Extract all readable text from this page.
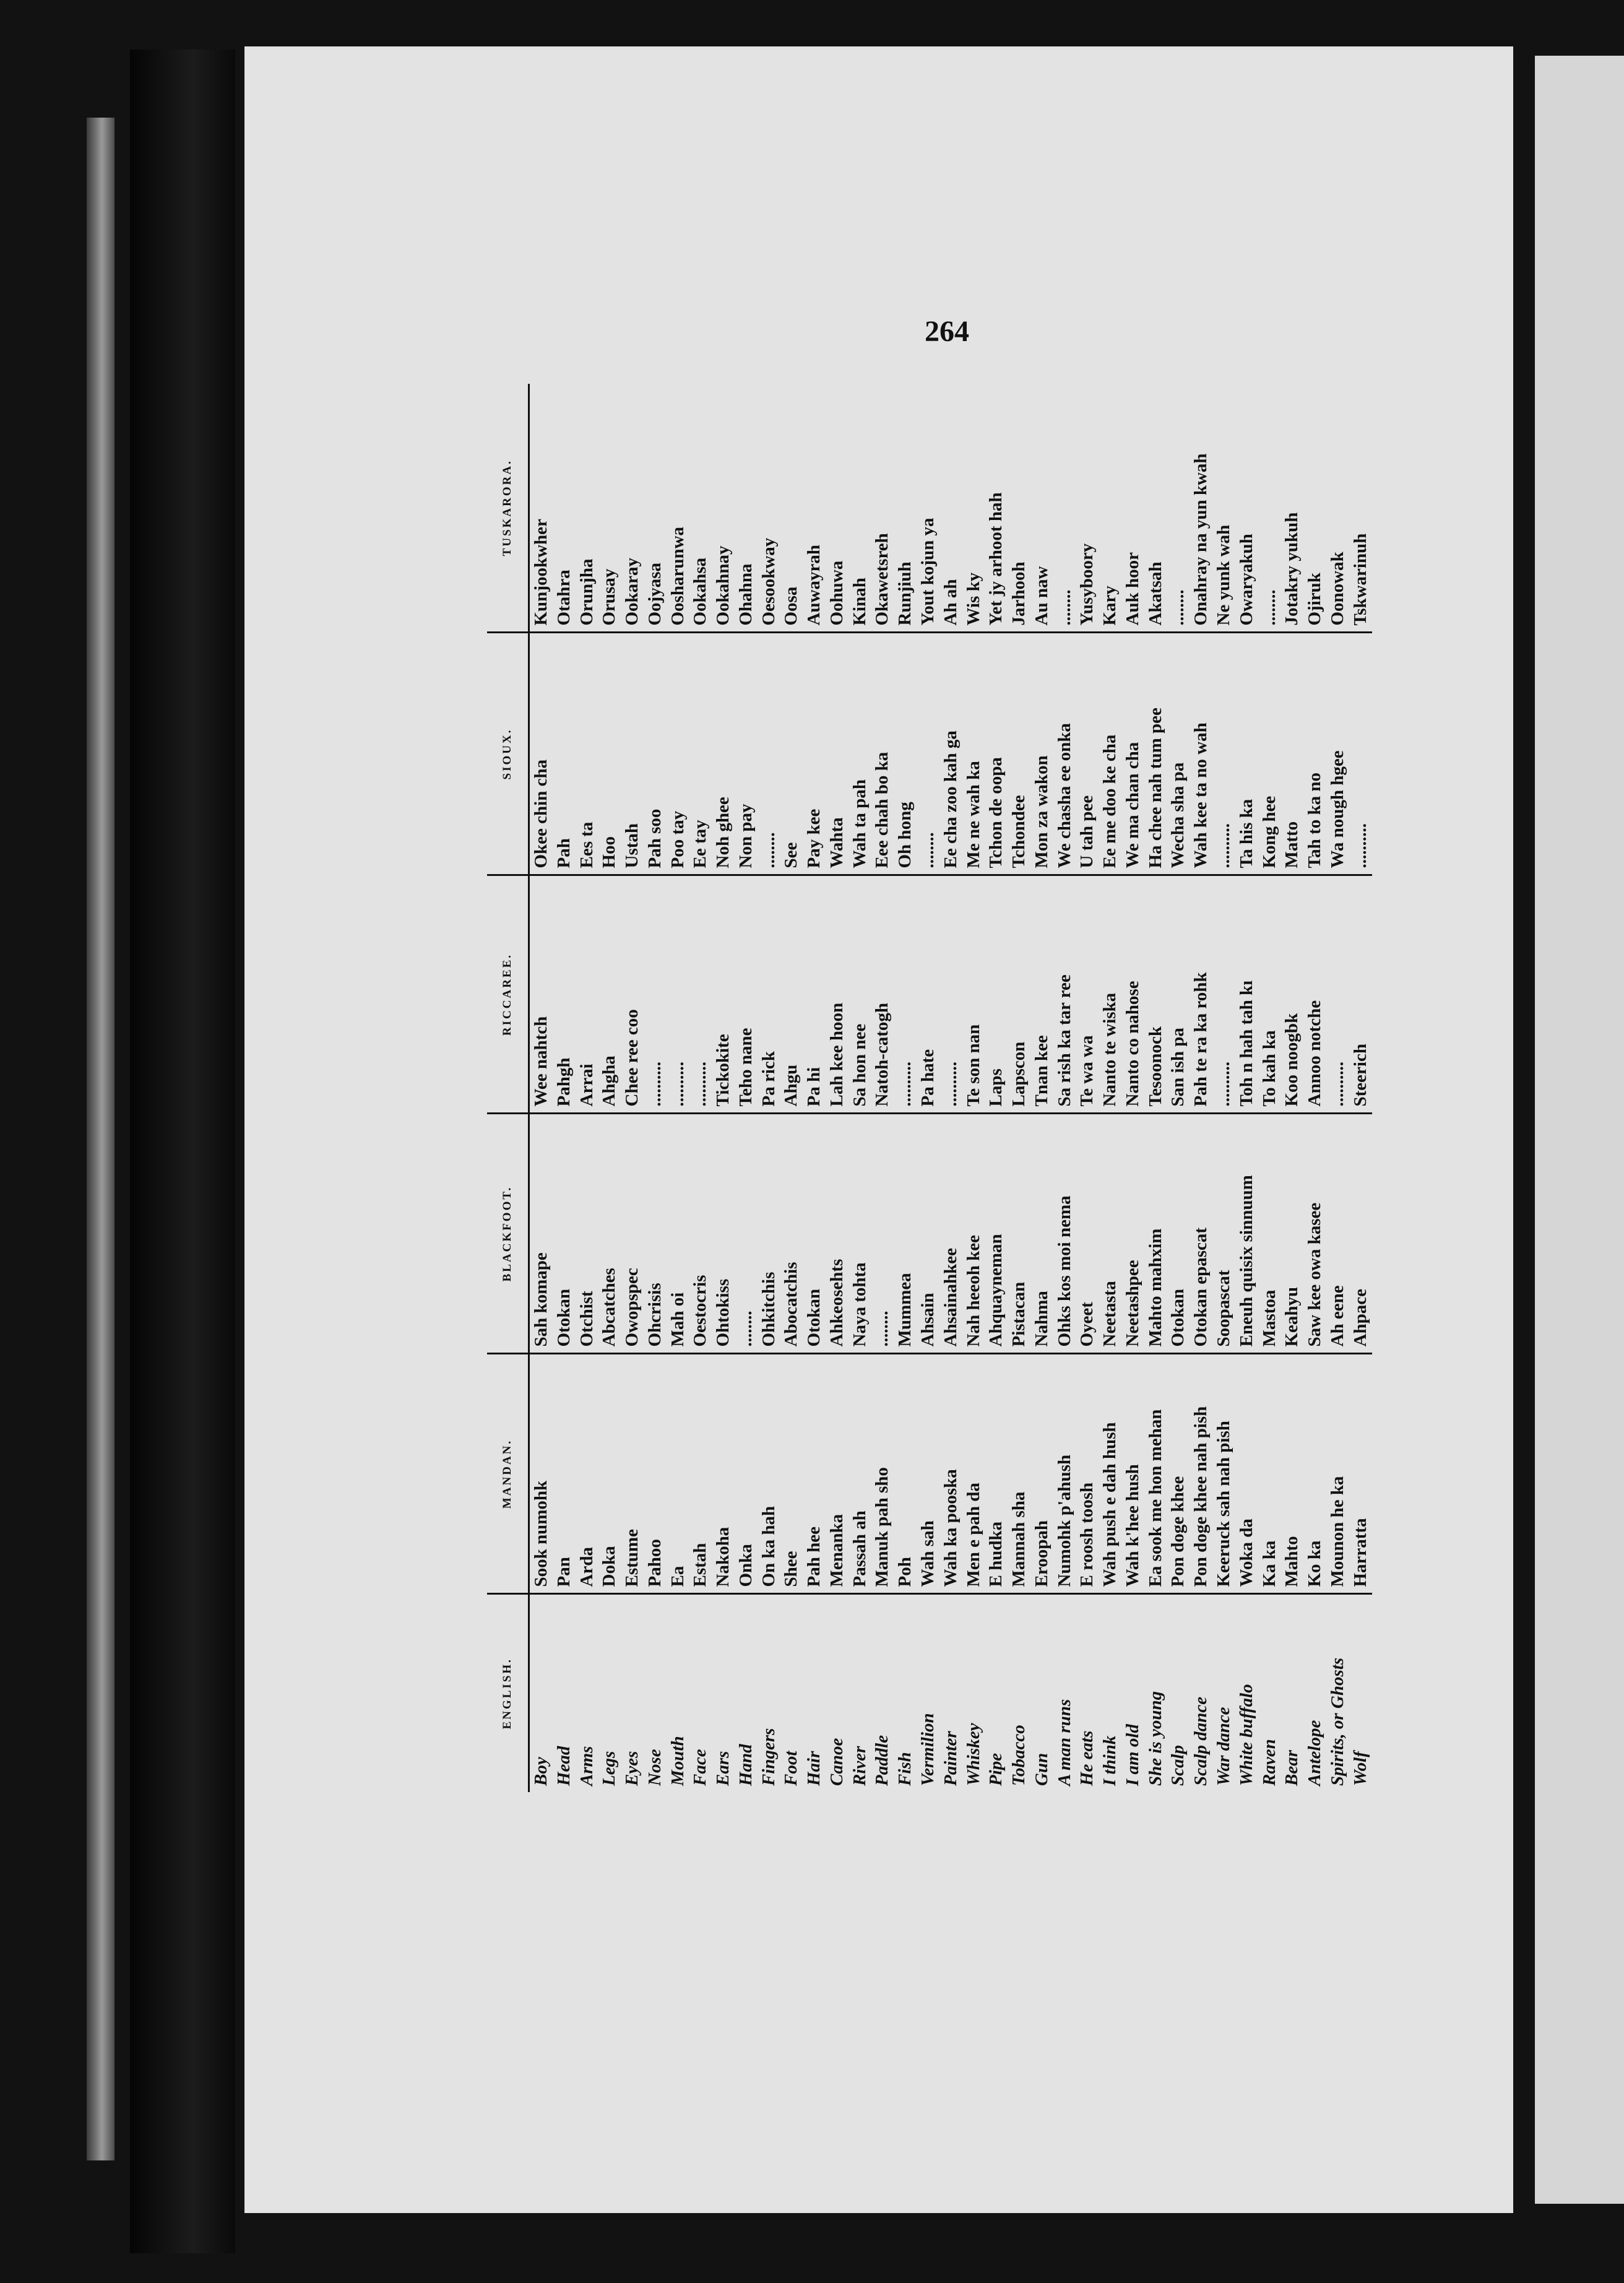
264
ENGLISH.	MANDAN.	BLACKFOOT.	RICCAREE.	SIOUX.	TUSKARORA.
Boy	Sook numohk	Sah komape	Wee nahtch	Okee chin cha	Kunjookwher
Head	Pan	Otokan	Pahgh	Pah	Otahra
Arms	Arda	Otchist	Arrai	Ees ta	Orunjha
Legs	Doka	Abcatches	Ahgha	Hoo	Orusay
Eyes	Estume	Owopspec	Chee ree coo	Ustah	Ookaray
Nose	Pahoo	Ohcrisis	..........	Pah soo	Oojyasa
Mouth	Ea	Mah oi	..........	Poo tay	Oosharunwa
Face	Estah	Oestocris	..........	Ee tay	Ookahsa
Ears	Nakoha	Ohtokiss	Tickokite	Noh ghee	Ookahnay
Hand	Onka	........	Teho nane	Non pay	Ohahna
Fingers	On ka hah	Ohkitchis	Pa rick	........	Oesookway
Foot	Shee	Abocatchis	Ahgu	See	Oosa
Hair	Pah hee	Otokan	Pa hi	Pay kee	Auwayrah
Canoe	Menanka	Ahkeosehts	Lah kee hoon	Wahta	Oohuwa
River	Passah ah	Naya tohta	Sa hon nee	Wah ta pah	Kinah
Paddle	Manuk pah sho	........	Natoh-catogh	Eee chah bo ka	Okawetsreh
Fish	Poh	Mummea	..........	Oh hong	Runjiuh
Vermilion	Wah sah	Ahsain	Pa hate	........	Yout kojun ya
Painter	Wah ka pooska	Ahsainahkee	..........	Ee cha zoo kah ga	Ah ah
Whiskey	Men e pah da	Nah heeoh kee	Te son nan	Me ne wah ka	Wis ky
Pipe	E hudka	Ahquayneman	Laps	Tchon de oopa	Yet jy arhoot hah
Tobacco	Mannah sha	Pistacan	Lapscon	Tchondee	Jarhooh
Gun	Eroopah	Nahma	Tnan kee	Mon za wakon	Au naw
A man runs	Numohk p'ahush	Ohks kos moi nema	Sa rish ka tar ree	We chasha ee onka	........
He eats	E roosh toosh	Oyeet	Te wa wa	U tah pee	Yusyboory
I think	Wah push e dah hush	Neetasta	Nanto te wiska	Ee me doo ke cha	Kary
I am old	Wah k'hee hush	Neetashpee	Nanto co nahose	We ma chan cha	Auk hoor
She is young	Ea sook me hon mehan	Mahto mahxim	Tesoonock	Ha chee nah tum pee	Akatsah
Scalp	Pon doge khee	Otokan	San ish pa	Wecha sha pa	........
Scalp dance	Pon doge khee nah pish	Otokan epascat	Pah te ra ka rohk	Wah kee ta no wah	Onahray na yun kwah
War dance	Keeruck sah nah pish	Soopascat	..........	..........	Ne yunk wah
White buffalo	Woka da	Eneuh quisix sinnuum	Toh n hah tah kı	Ta his ka	Owaryakuh
Raven	Ka ka	Mastoa	To kah ka	Kong hee	........
Bear	Mahto	Keahyu	Koo noogbk	Matto	Jotakry yukuh
Antelope	Ko ka	Saw kee owa kasee	Annoo notche	Tah to ka no	Ojiruk
Spirits, or Ghosts	Mounon he ka	Ah eene	..........	Wa nough hgee	Oonowak
Wolf	Harratta	Ahpace	Steerich	..........	Tskwarinuh
